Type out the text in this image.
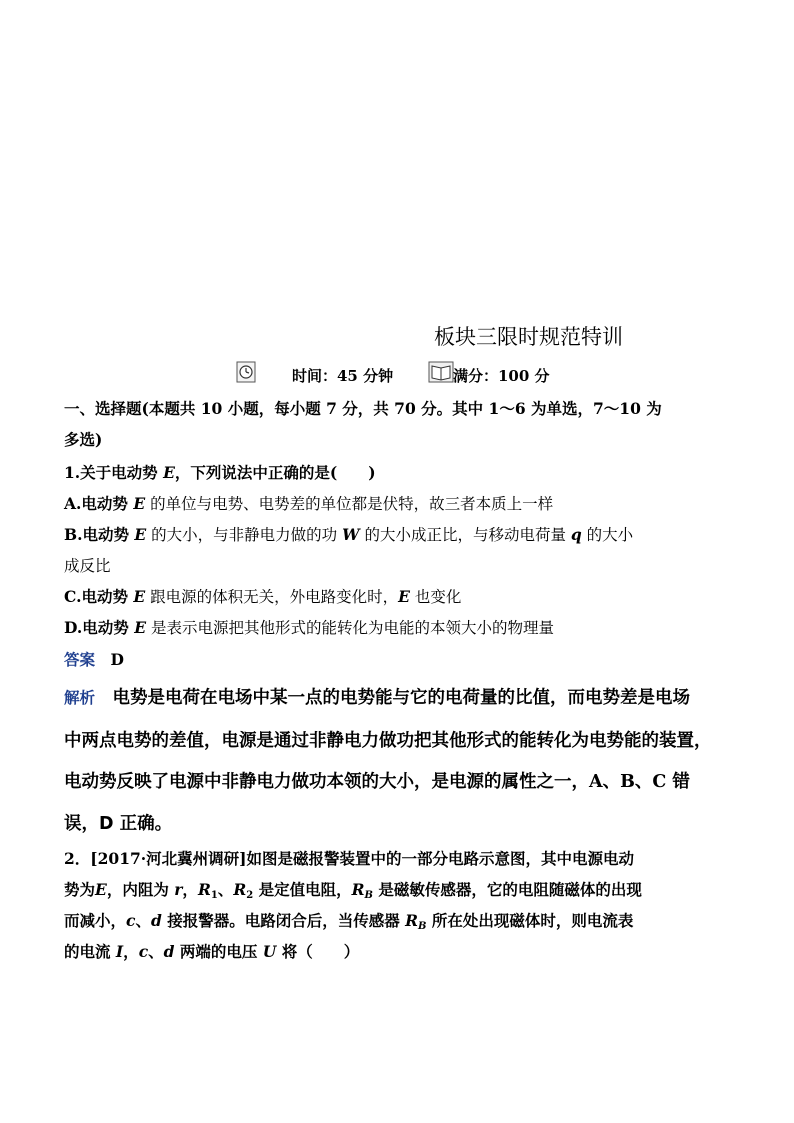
板块三限时规范特训
时间：45 分钟	满分：100 分
一、选择题(本题共 10 小题，每小题 7 分，共 70 分。其中 1～6 为单选，7～10 为
多选)
1.关于电动势 E，下列说法中正确的是(　　)
A.电动势 E 的单位与电势、电势差的单位都是伏特，故三者本质上一样
B.电动势 E 的大小，与非静电力做的功 W 的大小成正比，与移动电荷量 q 的大小
成反比
C.电动势 E 跟电源的体积无关，外电路变化时，E 也变化
D.电动势 E 是表示电源把其他形式的能转化为电能的本领大小的物理量
答案　 D
解析　 电势是电荷在电场中某一点的电势能与它的电荷量的比值，而电势差是电场
中两点电势的差值，电源是通过非静电力做功把其他形式的能转化为电势能的装置，
电动势反映了电源中非静电力做功本领的大小，是电源的属性之一，A、B、C 错
误，D 正确。
2．[2017·河北冀州调研]如图是磁报警装置中的一部分电路示意图，其中电源电动
势为E，内阻为 r，$R_1$、$R_2$ 是定值电阻，$R_B$ 是磁敏传感器，它的电阻随磁体的出现
而减小，c、d 接报警器。电路闭合后，当传感器 $R_B$ 所在处出现磁体时，则电流表
的电流 I，c、d 两端的电压 U 将（　　）
